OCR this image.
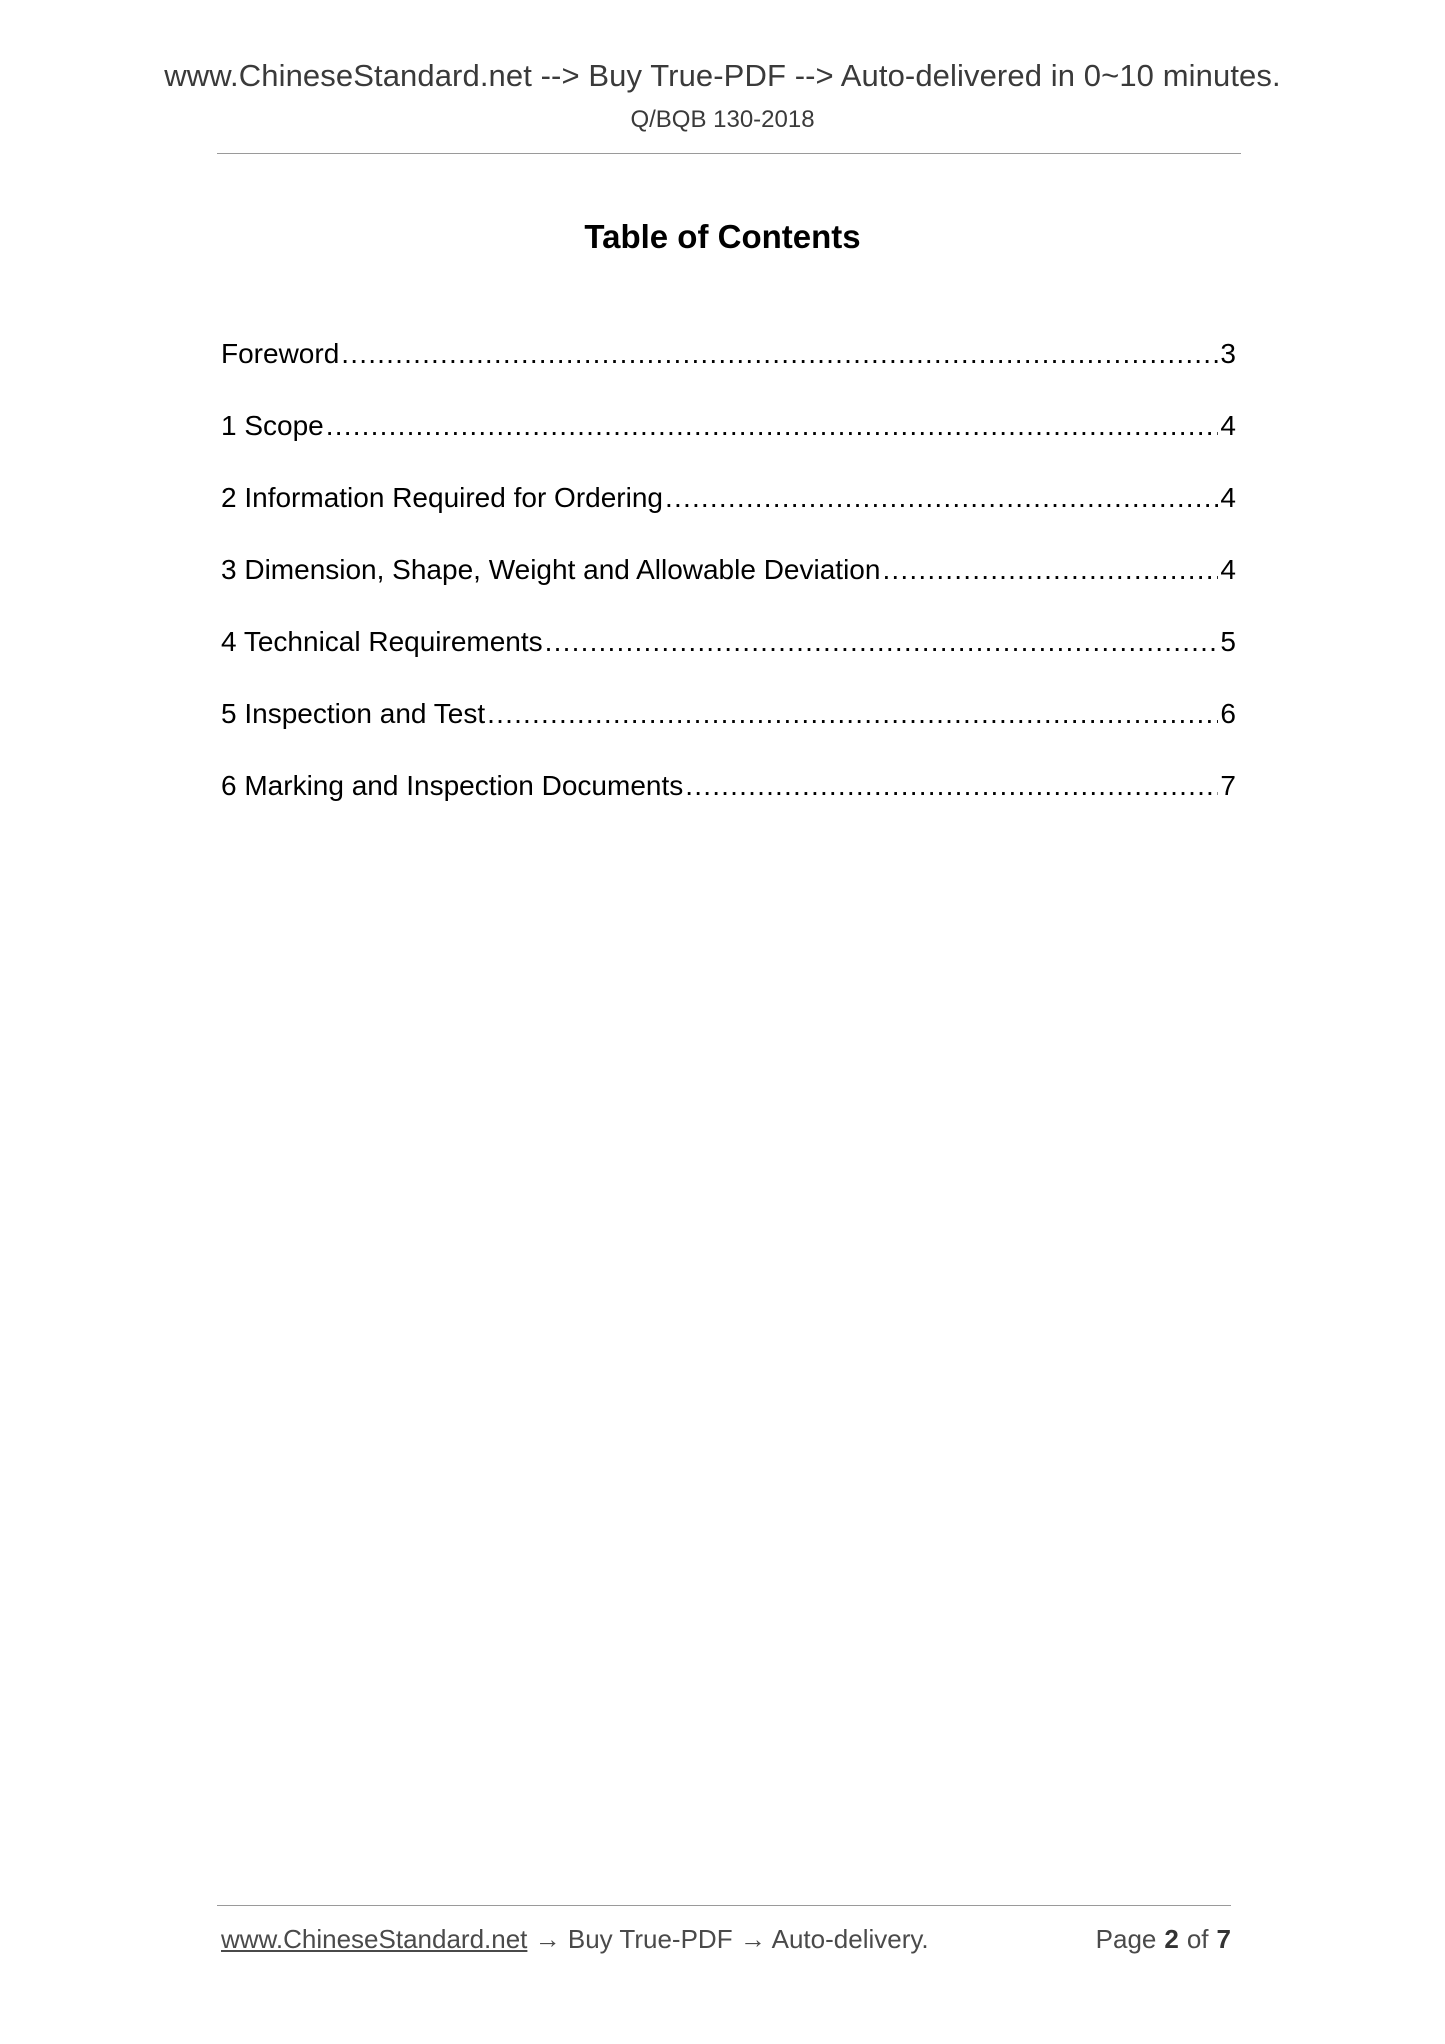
www.ChineseStandard.net --> Buy True-PDF --> Auto-delivered in 0~10 minutes.
Q/BQB 130-2018
Table of Contents
Foreword .....	3
1 Scope .....	4
2 Information Required for Ordering .....	4
3 Dimension, Shape, Weight and Allowable Deviation .....	4
4 Technical Requirements .....	5
5 Inspection and Test .....	6
6 Marking and Inspection Documents .....	7
www.ChineseStandard.net → Buy True-PDF → Auto-delivery.	Page 2 of 7
